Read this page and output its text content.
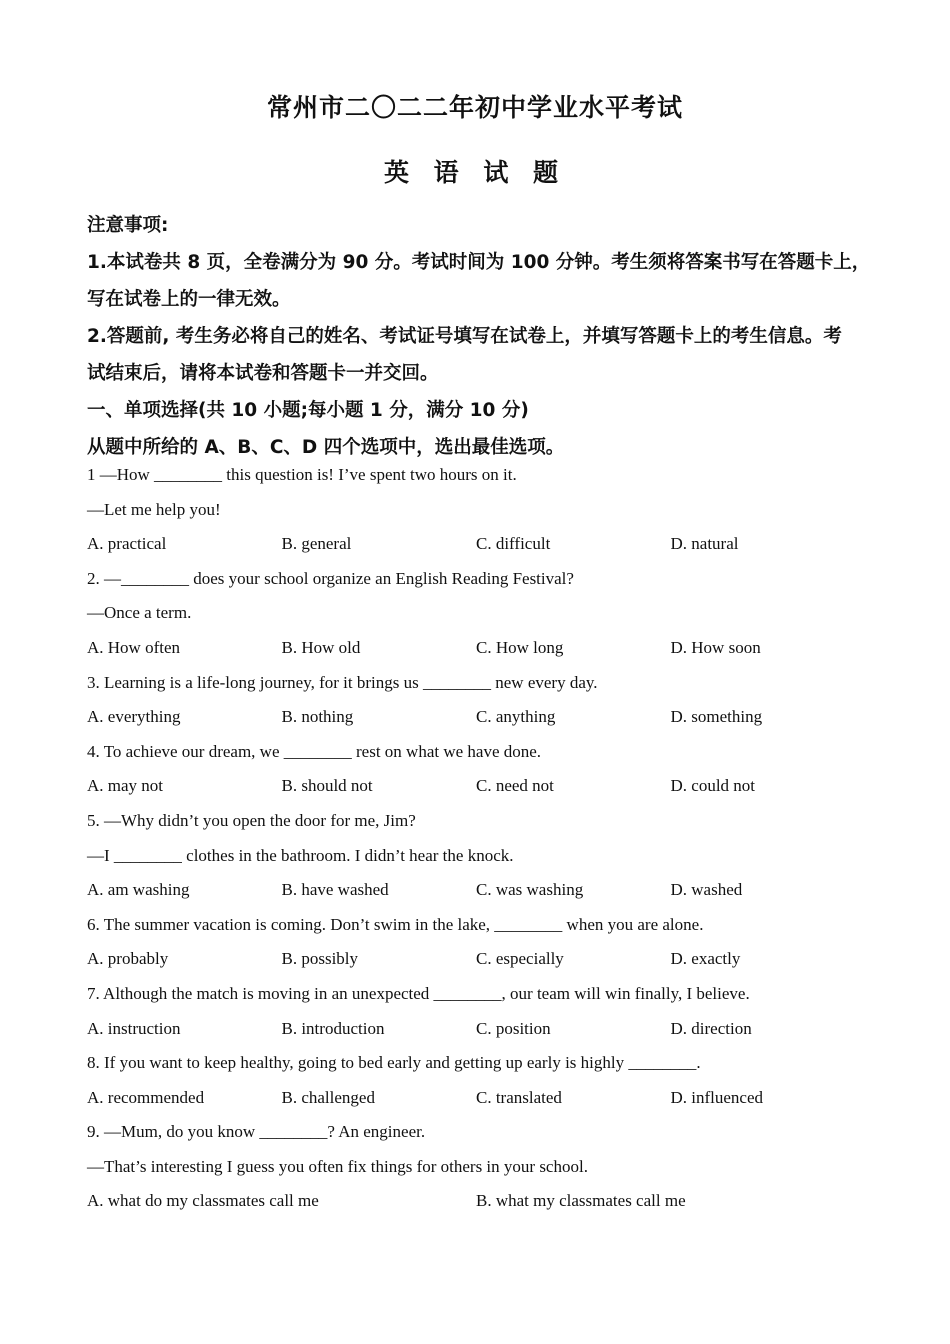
常州市二〇二二年初中学业水平考试
英 语 试 题
注意事项:
1.本试卷共 8 页，全卷满分为 90 分。考试时间为 100 分钟。考生须将答案书写在答题卡上，
写在试卷上的一律无效。
2.答题前, 考生务必将自己的姓名、考试证号填写在试卷上，并填写答题卡上的考生信息。考
试结束后，请将本试卷和答题卡一并交回。
一、单项选择(共 10 小题;每小题 1 分，满分 10 分)
从题中所给的 A、B、C、D 四个选项中，选出最佳选项。
1 —How ________ this question is! I’ve spent two hours on it.
—Let me help you!
A. practical	B. general	C. difficult	D. natural
2. —________ does your school organize an English Reading Festival?
—Once a term.
A. How often	B. How old	C. How long	D. How soon
3. Learning is a life-long journey, for it brings us ________ new every day.
A. everything	B. nothing	C. anything	D. something
4. To achieve our dream, we ________ rest on what we have done.
A. may not	B. should not	C. need not	D. could not
5. —Why didn’t you open the door for me, Jim?
—I ________ clothes in the bathroom. I didn’t hear the knock.
A. am washing	B. have washed	C. was washing	D. washed
6. The summer vacation is coming. Don’t swim in the lake, ________ when you are alone.
A. probably	B. possibly	C. especially	D. exactly
7. Although the match is moving in an unexpected ________, our team will win finally, I believe.
A. instruction	B. introduction	C. position	D. direction
8. If you want to keep healthy, going to bed early and getting up early is highly ________.
A. recommended	B. challenged	C. translated	D. influenced
9. —Mum, do you know ________? An engineer.
—That’s interesting I guess you often fix things for others in your school.
A. what do my classmates call me	B. what my classmates call me
